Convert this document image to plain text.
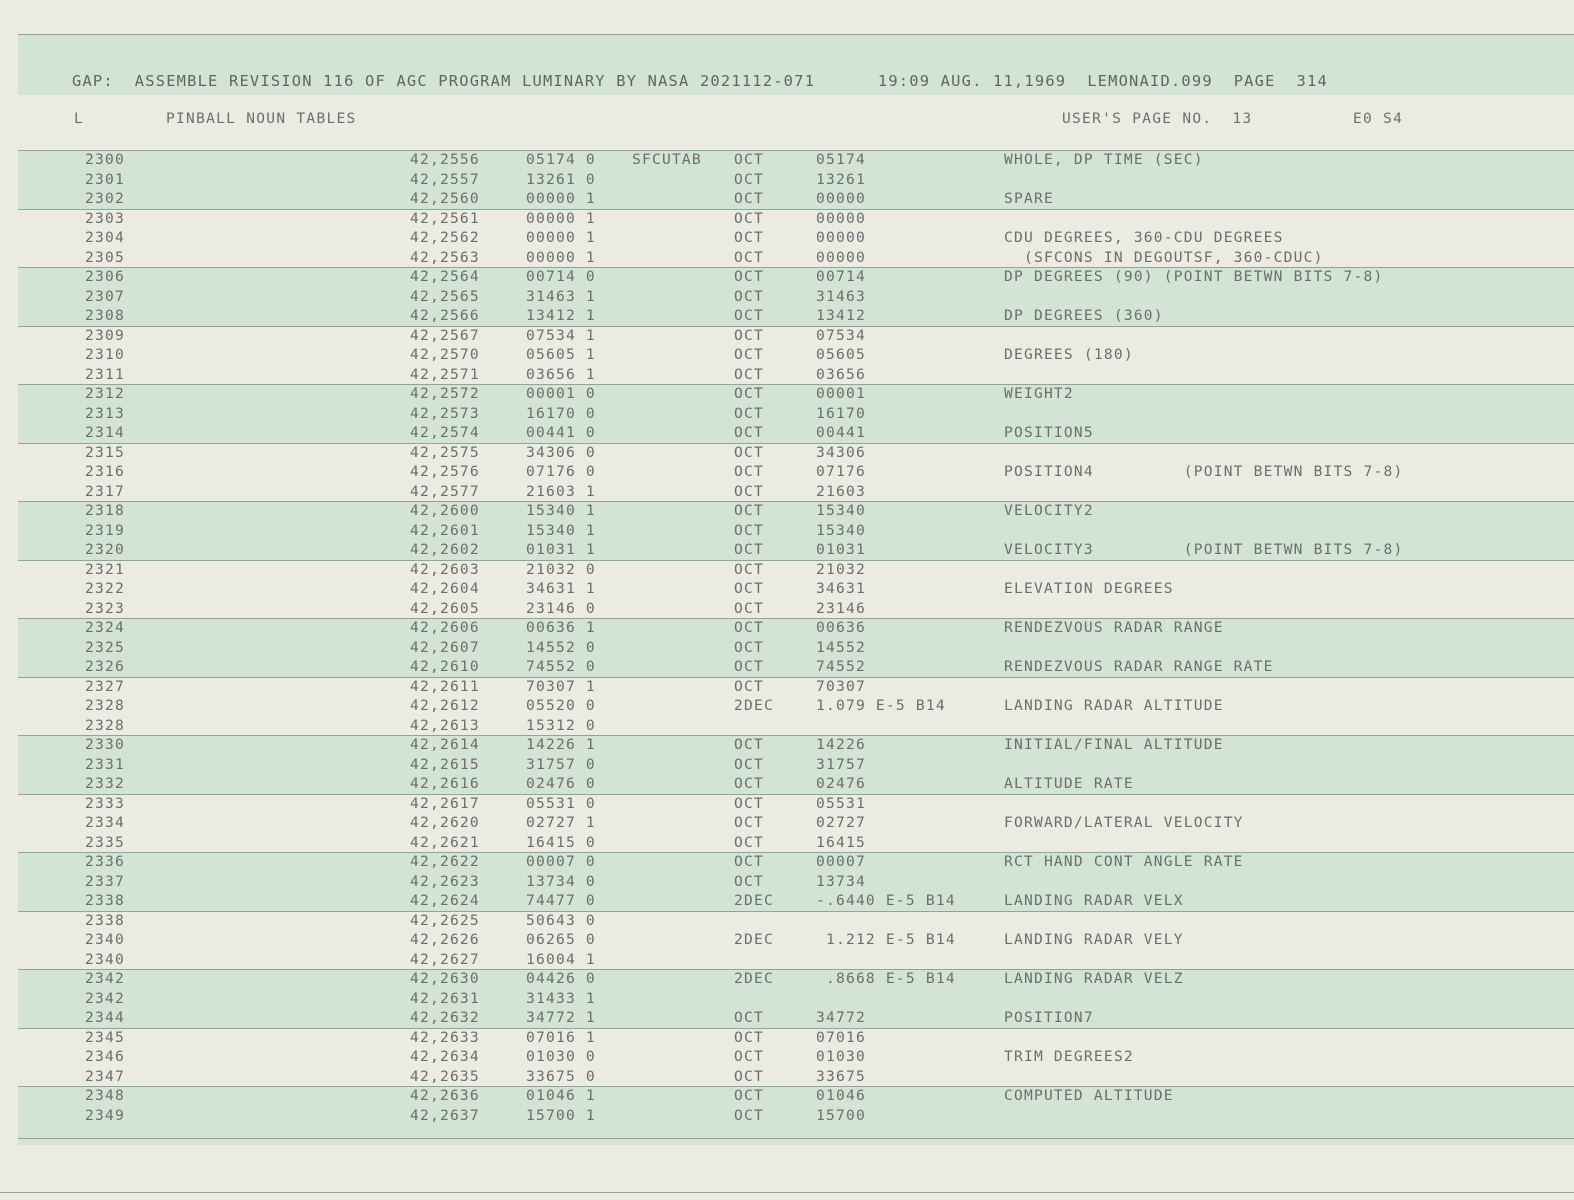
GAP:  ASSEMBLE REVISION 116 OF AGC PROGRAM LUMINARY BY NASA 2021112-071      19:09 AUG. 11,1969  LEMONAID.099  PAGE  314
L	PINBALL NOUN TABLES	USER'S PAGE NO.  13	E0 S4
2300	42,2556	05174 0 SFCUTAB OCT	05174	WHOLE, DP TIME (SEC)
2301	42,2557	13261 0	OCT	13261
2302	42,2560	00000 1	OCT	00000	SPARE
2303	42,2561	00000 1	OCT	00000
2304	42,2562	00000 1	OCT	00000	CDU DEGREES, 360-CDU DEGREES
2305	42,2563	00000 1	OCT	00000	(SFCONS IN DEGOUTSF, 360-CDUC)
2306	42,2564	00714 0	OCT	00714	DP DEGREES (90) (POINT BETWN BITS 7-8)
2307	42,2565	31463 1	OCT	31463
2308	42,2566	13412 1	OCT	13412	DP DEGREES (360)
2309	42,2567	07534 1	OCT	07534
2310	42,2570	05605 1	OCT	05605	DEGREES (180)
2311	42,2571	03656 1	OCT	03656
2312	42,2572	00001 0	OCT	00001	WEIGHT2
2313	42,2573	16170 0	OCT	16170
2314	42,2574	00441 0	OCT	00441	POSITION5
2315	42,2575	34306 0	OCT	34306
2316	42,2576	07176 0	OCT	07176	POSITION4         (POINT BETWN BITS 7-8)
2317	42,2577	21603 1	OCT	21603
2318	42,2600	15340 1	OCT	15340	VELOCITY2
2319	42,2601	15340 1	OCT	15340
2320	42,2602	01031 1	OCT	01031	VELOCITY3         (POINT BETWN BITS 7-8)
2321	42,2603	21032 0	OCT	21032
2322	42,2604	34631 1	OCT	34631	ELEVATION DEGREES
2323	42,2605	23146 0	OCT	23146
2324	42,2606	00636 1	OCT	00636	RENDEZVOUS RADAR RANGE
2325	42,2607	14552 0	OCT	14552
2326	42,2610	74552 0	OCT	74552	RENDEZVOUS RADAR RANGE RATE
2327	42,2611	70307 1	OCT	70307
2328	42,2612	05520 0	2DEC	1.079 E-5 B14	LANDING RADAR ALTITUDE
2328	42,2613	15312 0
2330	42,2614	14226 1	OCT	14226	INITIAL/FINAL ALTITUDE
2331	42,2615	31757 0	OCT	31757
2332	42,2616	02476 0	OCT	02476	ALTITUDE RATE
2333	42,2617	05531 0	OCT	05531
2334	42,2620	02727 1	OCT	02727	FORWARD/LATERAL VELOCITY
2335	42,2621	16415 0	OCT	16415
2336	42,2622	00007 0	OCT	00007	RCT HAND CONT ANGLE RATE
2337	42,2623	13734 0	OCT	13734
2338	42,2624	74477 0	2DEC	-.6440 E-5 B14	LANDING RADAR VELX
2338	42,2625	50643 0
2340	42,2626	06265 0	2DEC	1.212 E-5 B14	LANDING RADAR VELY
2340	42,2627	16004 1
2342	42,2630	04426 0	2DEC	.8668 E-5 B14	LANDING RADAR VELZ
2342	42,2631	31433 1
2344	42,2632	34772 1	OCT	34772	POSITION7
2345	42,2633	07016 1	OCT	07016
2346	42,2634	01030 0	OCT	01030	TRIM DEGREES2
2347	42,2635	33675 0	OCT	33675
2348	42,2636	01046 1	OCT	01046	COMPUTED ALTITUDE
2349	42,2637	15700 1	OCT	15700
